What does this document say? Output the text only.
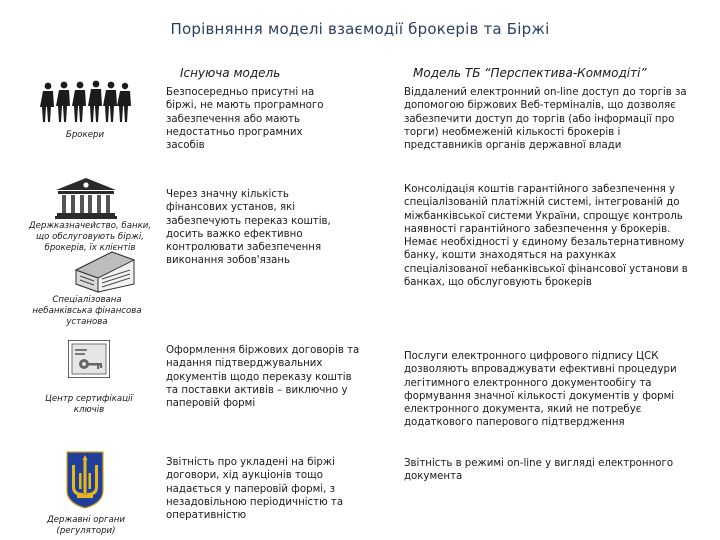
Порівняння моделі взаємодії брокерів та Біржі
Існуюча модель	Модель ТБ “Перспектива-Коммодіті”
Брокери
Безпосередньо присутні на біржі, не мають програмного забезпечення або мають недостатньо програмних засобів
Віддалений електронний on-line доступ до торгів за допомогою біржових Веб-терміналів, що дозволяє забезпечити доступ до торгів (або інформації про торги) необмеженій кількості брокерів і представників органів державної влади
Держказначейство, банки, що обслуговують біржі, брокерів, їх клієнтів
Спеціалізована небанківська фінансова установа
Через значну кількість фінансових установ, які забезпечують переказ коштів, досить важко ефективно контролювати забезпечення виконання зобов'язань
Консолідація коштів гарантійного забезпечення у спеціалізованій платіжній системі, інтегрованій до міжбанківської системи України, спрощує контроль наявності гарантійного забезпечення у брокерів. Немає необхідності у єдиному безальтернативному банку, кошти знаходяться на рахунках спеціалізованої небанківської фінансової установи в банках, що обслуговують брокерів
Центр сертифікації ключів
Оформлення біржових договорів та надання підтверджувальних документів щодо переказу коштів та поставки активів – виключно у паперовій формі
Послуги електронного цифрового підпису ЦСК дозволяють впроваджувати ефективні процедури легітимного електронного документообігу та формування значної кількості документів у формі електронного документа, який не потребує додаткового паперового підтвердження
Державні органи (регулятори)
Звітність про укладені на біржі договори, хід аукціонів тощо надається у паперовій формі, з незадовільною періодичністю та оперативністю
Звітність в режимі on-line у вигляді електронного документа
